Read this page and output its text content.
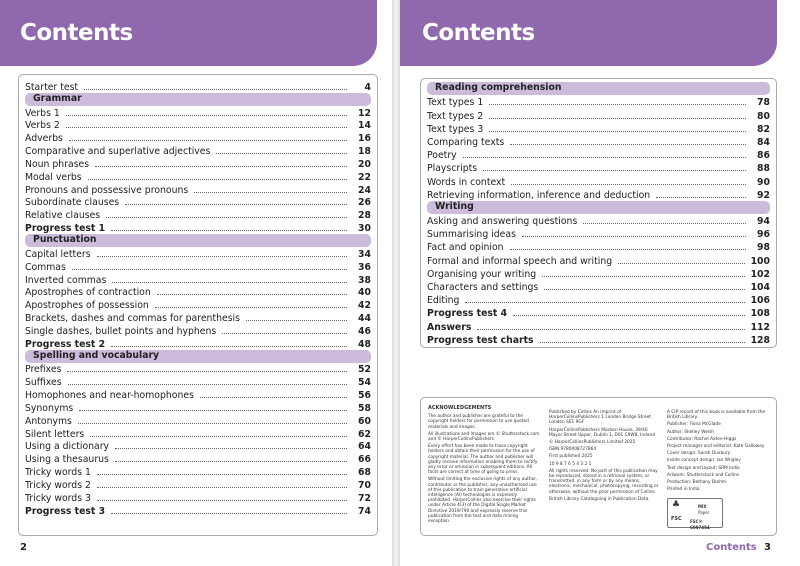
Contents
Starter test	4
Grammar
Verbs 1	12
Verbs 2	14
Adverbs	16
Comparative and superlative adjectives	18
Noun phrases	20
Modal verbs	22
Pronouns and possessive pronouns	24
Subordinate clauses	26
Relative clauses	28
Progress test 1	30
Punctuation
Capital letters	34
Commas	36
Inverted commas	38
Apostrophes of contraction	40
Apostrophes of possession	42
Brackets, dashes and commas for parenthesis	44
Single dashes, bullet points and hyphens	46
Progress test 2	48
Spelling and vocabulary
Prefixes	52
Suffixes	54
Homophones and near-homophones	56
Synonyms	58
Antonyms	60
Silent letters	62
Using a dictionary	64
Using a thesaurus	66
Tricky words 1	68
Tricky words 2	70
Tricky words 3	72
Progress test 3	74
2
Contents
Reading comprehension
Text types 1	78
Text types 2	80
Text types 3	82
Comparing texts	84
Poetry	86
Playscripts	88
Words in context	90
Retrieving information, inference and deduction	92
Writing
Asking and answering questions	94
Summarising ideas	96
Fact and opinion	98
Formal and informal speech and writing	100
Organising your writing	102
Characters and settings	104
Editing	106
Progress test 4	108
Answers	112
Progress test charts	128
ACKNOWLEDGEMENTS

The author and publisher are grateful to the copyright holders for permission to use quoted materials and images.

All illustrations and images are © Shutterstock.com and © HarperCollinsPublishers

Every effort has been made to trace copyright holders and obtain their permission for the use of copyright material. The author and publisher will gladly receive information enabling them to rectify any error or omission in subsequent editions. All facts are correct at time of going to press.

Without limiting the exclusive rights of any author, contributor or the publisher, any unauthorised use of this publication to train generative artificial intelligence (AI) technologies is expressly prohibited. HarperCollins also exercise their rights under Article 4(3) of the Digital Single Market Directive 2019/790 and expressly reserve this publication from the text and data mining exception.

Published by Collins An imprint of HarperCollinsPublishers 1 London Bridge Street London SE1 9GF

HarperCollinsPublishers Macken House, 39/40 Mayor Street Upper, Dublin 1, D01 C9W8, Ireland

© HarperCollinsPublishers Limited 2025

ISBN 9780008727864

First published 2025

10 9 8 7 6 5 4 3 2 1

All rights reserved. No part of this publication may be reproduced, stored in a retrieval system, or transmitted, in any form or by any means, electronic, mechanical, photocopying, recording or otherwise, without the prior permission of Collins.

British Library Cataloguing in Publication Data.

A CIP record of this book is available from the British Library.

Publisher: Fiona McGlade

Author: Shelley Welsh

Contributor: Rachel Axten-Higgs

Project manager and editorial: Kate Galloway

Cover design: Sarah Duxbury

Inside concept design: Ian Wrigley

Text design and layout: SRM India

Artwork: Shutterstock and Collins

Production: Bethany Brohm

Printed in India

♣
FSC
MIX
Paper
FSC® C007454
Contents 3
